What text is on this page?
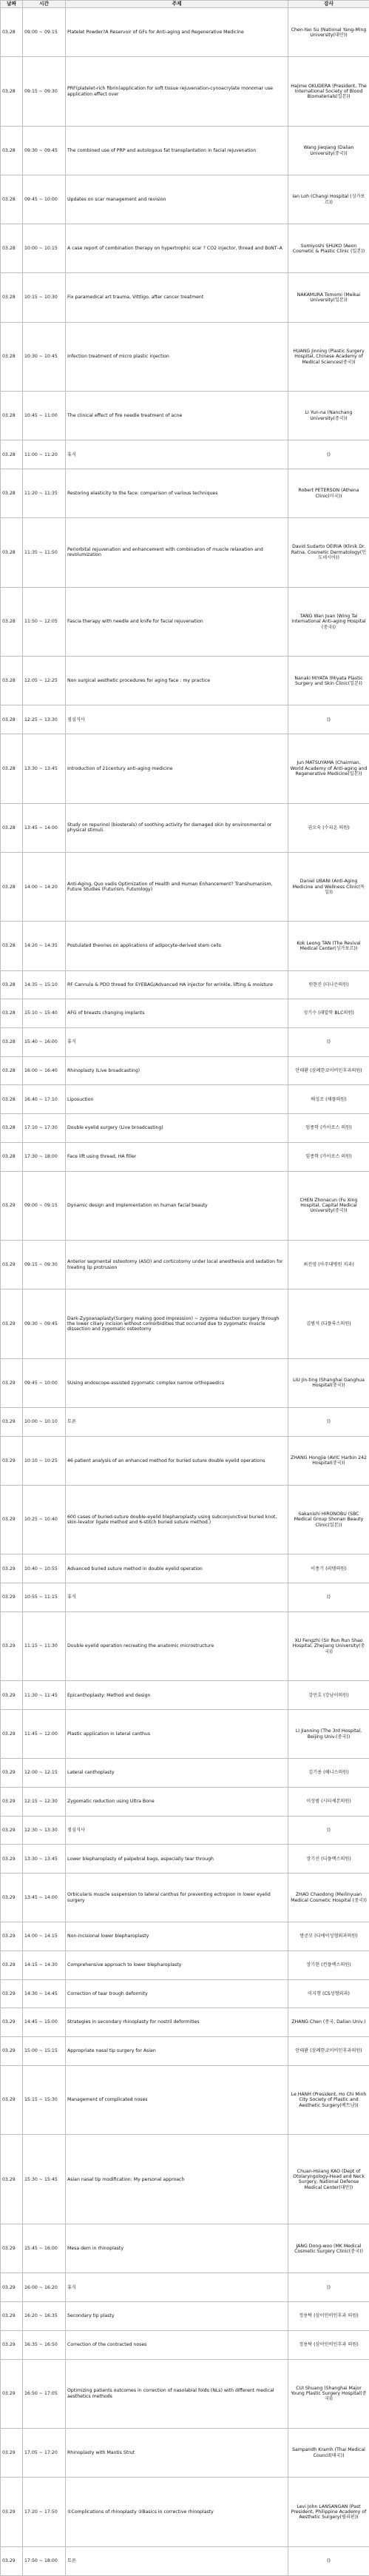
날짜	시간	주제	강사
03.28	09:00 ~ 09:15	Platelet Powder?A Reservoir of GFs for Anti-aging and Regenerative Medicine	Chen-Yao Su (National Yang-Ming University(대만))
03.28	09:15 ~ 09:30	PRF(platelet-rich fibrin)application for soft tissue rejuvenation-cynoacrylate monomar use application effect over	Hajime OKUDERA (President, The International Society of Blood Biomaterials(일본))
03.28	09:30 ~ 09:45	The combined use of PRP and autologous fat transplantation in facial rejuvenation	Wang Jieqiang (Dalian University(중국))
03.28	09:45 ~ 10:00	Updates on scar management and revision	Ian Loh (Changi Hospital (싱가포르))
03.28	10:00 ~ 10:15	A case report of combination therapy on hypertrophic scar ? CO2 injector, thread and BoNT–A	Sumiyoshi SHUKO (Aeon Cosmetic & Plastic Clinic (일본))
03.28	10:15 ~ 10:30	Fix paramedical art trauma, Vittligo, after cancer treatment	NAKAMURA Tomomi (Meikai University(일본))
03.28	10:30 ~ 10:45	Infection treatment of micro plastic injection	HUANG Jinning (Plastic Surgery Hospital, Chinese Academy of Medical Sciences(중국))
03.28	10:45 ~ 11:00	The clinical effect of fire needle treatment of acne	LI Yun-na (Nanchang University(중국))
03.28	11:00 ~ 11:20	휴식	()
03.28	11:20 ~ 11:35	Restoring elasticity to the face: comparison of various techniques	Robert PETERSON (Athena Clinic(미국))
03.28	11:35 ~ 11:50	Periorbital rejuvenation and enhancement with combination of muscle relaxation and revolumization	David Sudarto OEIRIA (Klinik Dr. Ratna, Cosmetic Dermatology(인도네시아))
03.28	11:50 ~ 12:05	Fascia therapy with needle and knife for facial rejuvenation	TANG Wan Juan (Wing Tai International Anti-aging Hospital (중국))
03.28	12:05 ~ 12:25	Non surgical aesthetic procedures for aging face : my practice	Nanaki MIYATA (Miyata Plastic Surgery and Skin Clinic(일본))
03.28	12:25 ~ 13:30	점심식사	()
03.28	13:30 ~ 13:45	Introduction of 21century anti-aging medicine	Jun MATSUYAMA (Chairman, World Academy of Anti-aging and Regenerative Medicine(일본))
03.28	13:45 ~ 14:00	Study on repurinol (biosterals) of soothing activity for damaged skin by environmental or physical stimuli.	권오숙 (수피온 의원)
03.28	14:00 ~ 14:20	Anti-Aging, Quo vadis Optimization of Health and Human Enhancement? Transhumanism, Future Studies (Futurism, Futurology)	Daniel UBANI (Anti-Aging Medicine and Wellness Clinic(독일))
03.28	14:20 ~ 14:35	Postulated theories on applications of adipocyte-derived stem cells	Kok Leong TAN (The Revival Medical Center(싱가포르))
03.28	14:35 ~ 15:10	RF Cannula & PDO thread for EYEBAG/Advanced HA injector for wrinkle, lifting & moisture	원현진 (더나은의원)
03.28	15:10 ~ 15:40	AFG of breasts changing implants	성기수 (래알학 BLC의원)
03.28	15:40 ~ 16:00	휴식	()
03.28	16:00 ~ 16:40	Rhinoplasty (Live broadcasting)	안태환 (삼례한코이비인후과의원)
03.28	16:40 ~ 17:10	Liposuction	배성조 (채플의원)
03.28	17:10 ~ 17:30	Double eyelid surgery (Live broadcasting)	임종학 (카이로스 의원)
03.28	17:30 ~ 18:00	Face lift using thread, HA filler	임종학 (카이로스 의원)
03.29	09:00 ~ 09:15	Dynamic design and implementation on human facial beauty	CHEN Zhonacun (Fu Xing Hospital, Capital Medical University(중국))
03.29	09:15 ~ 09:30	Anterior segmental osteotomy (ASO) and corticotomy under local anesthesia and sedation for treating lip protrusion	최진영 (아주대병원 치과)
03.29	09:30 ~ 09:45	Dark-Zygoanaplasty(Surgery making good impression) ~ zygoma reduction surgery through the lower ciliary incision without comorbidities that occurred due to zygomatic muscle dissection and zygomatic osteotomy	김범석 (디플룩스의원)
03.29	09:45 ~ 10:00	SUsing endoscope-assisted zygomatic complex narrow orthopaedics	LIU Jin-ting (Shanghai Ganghua Hospital(중국))
03.29	10:00 ~ 10:10	토론	()
03.29	10:10 ~ 10:25	46 patient analysis of an enhanced method for buried suture double eyelid operations	ZHANG Hongjie (AVIC Harbin 242 Hospital(중국))
03.29	10:25 ~ 10:40	600 cases of buried-suture double-eyelid blepharoplasty using subconjunctival buried knot, skin-levator ligate method and 6-stitch buried suture method.)	Sakanishi HIRONOBU (SBC Medical Group Shonan Beauty Clinic(일본))
03.29	10:40 ~ 10:55	Advanced buried suture method in double eyelid operation	이종기 (리템의원)
03.29	10:55 ~ 11:15	휴식	()
03.29	11:15 ~ 11:30	Double eyelid operation recreating the anatomic microstructure	XU Fengzhi (Sir Run Run Shao Hospital, Zhejiang University(중국))
03.29	11:30 ~ 11:45	Epicanthoplasty: Method and design	강민호 (강남이의원)
03.29	11:45 ~ 12:00	Plastic application in lateral canthus	LI Jianning (The 3rd Hospital, Beijing Univ.(중국))
03.29	12:00 ~ 12:15	Lateral canthoplasty	김기용 (헤니스의원)
03.29	12:15 ~ 12:30	Zygomatic reduction using Ultra Bone	이성범 (시티셰본의원)
03.29	12:30 ~ 13:30	점심식사	()
03.29	13:30 ~ 13:45	Lower blepharoplasty of palpebral bags, especially tear through	장기선 (디플랙스의원)
03.29	13:45 ~ 14:00	Orbicularis muscle suspension to lateral canthus for preventing ectropion in lower eyelid surgery	ZHAO Chaodong (Meilinyuan Medical Cosmetic Hospital (중국))
03.29	14:00 ~ 14:15	Non-incisional lower blepharoplasty	방준모 (디에이성형외과의원)
03.29	14:15 ~ 14:30	Comprehensive approach to lower blepharoplasty	장기현 (컨플랙스의원)
03.29	14:30 ~ 14:45	Correction of tear trough deformity	이지행 (CS성형외과)
03.29	14:45 ~ 15:00	Strategies in secondary rhinoplasty for nostril deformities	ZHANG Chen (중국, Dalian Univ.)
03.29	15:00 ~ 15:15	Appropriate nasal tip surgery for Asian	안태환 (삼례한코이비인후과의원)
03.29	15:15 ~ 15:30	Management of complicated noses	Le HANH (President, Ho Chi Minh City Society of Plastic and Aesthetic Surgery(베트남))
03.29	15:30 ~ 15:45	Asian nasal tip modification: My personal approach	Chuan-Hsiang KAO (Dept of Otolaryngology-Head and Neck Surgery, National Defense Medical Center(대만))
03.29	15:45 ~ 16:00	Mesa dem in rhinoplasty	JANG Dong-woo (MK Medical Cosmetic Surgery Clinic(중국))
03.29	16:00 ~ 16:20	휴식	()
03.29	16:20 ~ 16:35	Secondary tip plasty	정용탁 (삼이인비인후과 의원)
03.29	16:35 ~ 16:50	Correction of the contracted noses	정용탁 (삼이인비인후과 의원)
03.29	16:50 ~ 17:05	Optimizing patients outcomes in correction of nasolabial folds (NLs) with different medical aesthetics methods	CUI Shuang (Shanghai Major Young Plastic Surgery Hospital(중국))
03.29	17:05 ~ 17:20	Rhinoplasty with Mantis Strut	Sampandh Kramh (Thai Medical Council(태국))
03.29	17:20 ~ 17:50	①Complications of rhinoplasty ②Basics in corrective rhinoplasty	Levi John LANSANGAN (Past President, Philippine Academy of Aesthetic Surgery(필리핀))
03.29	17:50 ~ 18:00	토론	()
